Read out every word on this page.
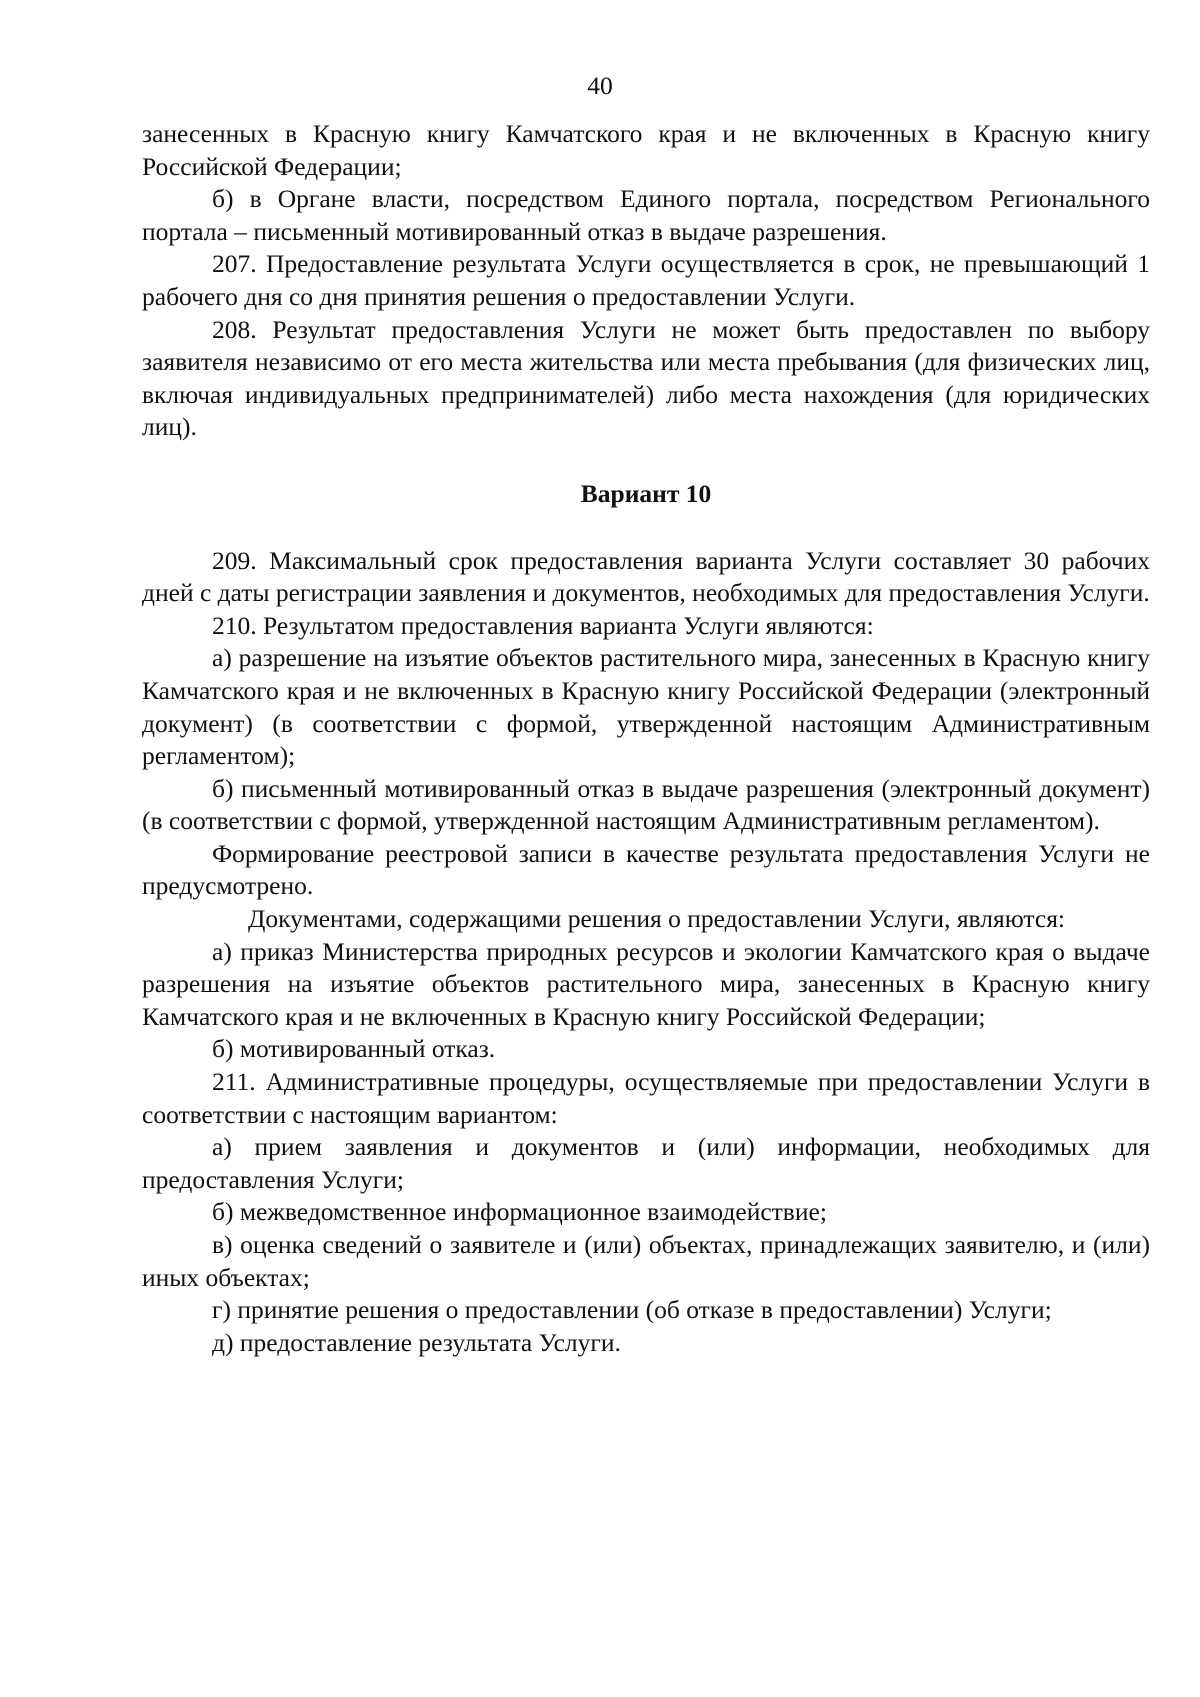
40
занесенных в Красную книгу Камчатского края и не включенных в Красную книгу Российской Федерации;
б) в Органе власти, посредством Единого портала, посредством Регионального портала – письменный мотивированный отказ в выдаче разрешения.
207. Предоставление результата Услуги осуществляется в срок, не превышающий 1 рабочего дня со дня принятия решения о предоставлении Услуги.
208. Результат предоставления Услуги не может быть предоставлен по выбору заявителя независимо от его места жительства или места пребывания (для физических лиц, включая индивидуальных предпринимателей) либо места нахождения (для юридических лиц).
Вариант 10
209. Максимальный срок предоставления варианта Услуги составляет 30 рабочих дней с даты регистрации заявления и документов, необходимых для предоставления Услуги.
210. Результатом предоставления варианта Услуги являются:
а) разрешение на изъятие объектов растительного мира, занесенных в Красную книгу Камчатского края и не включенных в Красную книгу Российской Федерации (электронный документ) (в соответствии с формой, утвержденной настоящим Административным регламентом);
б) письменный мотивированный отказ в выдаче разрешения (электронный документ) (в соответствии с формой, утвержденной настоящим Административным регламентом).
Формирование реестровой записи в качестве результата предоставления Услуги не предусмотрено.
Документами, содержащими решения о предоставлении Услуги, являются:
а) приказ Министерства природных ресурсов и экологии Камчатского края о выдаче разрешения на изъятие объектов растительного мира, занесенных в Красную книгу Камчатского края и не включенных в Красную книгу Российской Федерации;
б) мотивированный отказ.
211. Административные процедуры, осуществляемые при предоставлении Услуги в соответствии с настоящим вариантом:
а) прием заявления и документов и (или) информации, необходимых для предоставления Услуги;
б) межведомственное информационное взаимодействие;
в) оценка сведений о заявителе и (или) объектах, принадлежащих заявителю, и (или) иных объектах;
г) принятие решения о предоставлении (об отказе в предоставлении) Услуги;
д) предоставление результата Услуги.
